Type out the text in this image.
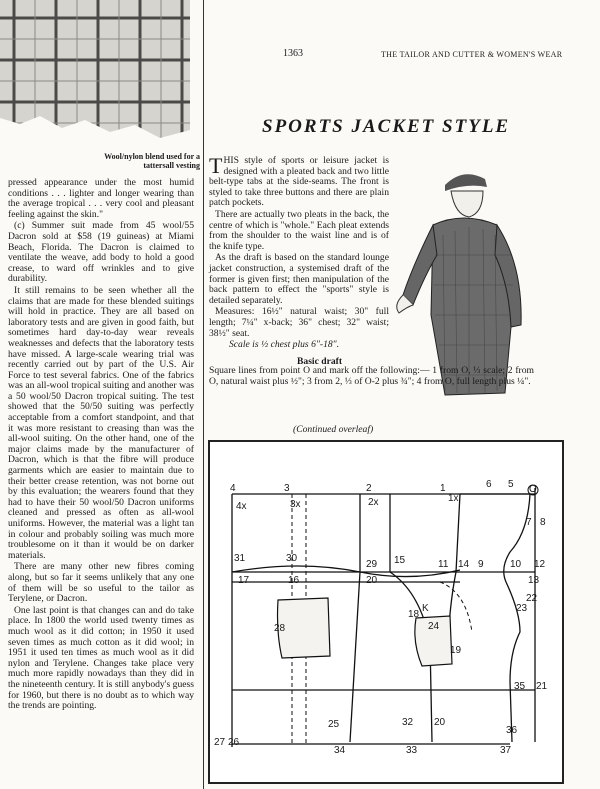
Wool/nylon blend used for a tattersall vesting
1363	THE TAILOR AND CUTTER & WOMEN'S WEAR

pressed appearance under the most humid conditions . . . lighter and longer wearing than the average tropical . . . very cool and pleasant feeling against the skin."

(c) Summer suit made from 45 wool/55 Dacron sold at $58 (19 guineas) at Miami Beach, Florida. The Dacron is claimed to ventilate the weave, add body to hold a good crease, to ward off wrinkles and to give durability.

It still remains to be seen whether all the claims that are made for these blended suitings will hold in practice. They are all based on laboratory tests and are given in good faith, but sometimes hard day-to-day wear reveals weaknesses and defects that the laboratory tests have missed. A large-scale wearing trial was recently carried out by part of the U.S. Air Force to test several fabrics. One of the fabrics was an all-wool tropical suiting and another was a 50 wool/50 Dacron tropical suiting. The test showed that the 50/50 suiting was perfectly acceptable from a comfort standpoint, and that it was more resistant to creasing than was the all-wool suiting. On the other hand, one of the major claims made by the manufacturer of Dacron, which is that the fibre will produce garments which are easier to maintain due to their better crease retention, was not borne out by this evaluation; the wearers found that they had to have their 50 wool/50 Dacron uniforms cleaned and pressed as often as all-wool uniforms. However, the material was a light tan in colour and probably soiling was much more troublesome on it than it would be on darker materials.

There are many other new fibres coming along, but so far it seems unlikely that any one of them will be so useful to the tailor as Terylene, or Dacron.

One last point is that changes can and do take place. In 1800 the world used twenty times as much wool as it did cotton; in 1950 it used seven times as much cotton as it did wool; in 1951 it used ten times as much wool as it did nylon and Terylene. Changes take place very much more rapidly nowadays than they did in the nineteenth century. It is still anybody's guess for 1960, but there is no doubt as to which way the trends are pointing.

SPORTS JACKET STYLE

THIS style of sports or leisure jacket is designed with a pleated back and two little belt-type tabs at the side-seams. The front is styled to take three buttons and there are plain patch pockets.

There are actually two pleats in the back, the centre of which is "whole." Each pleat extends from the shoulder to the waist line and is of the knife type.

As the draft is based on the standard lounge jacket construction, a systemised draft of the former is given first; then manipulation of the back pattern to effect the "sports" style is detailed separately.

Measures: 16½" natural waist; 30" full length; 7¼" x-back; 36" chest; 32" waist; 38½" seat.

Scale is ½ chest plus 6"-18".

Basic draft
Square lines from point O and mark off the following:— 1 from O, ⅓ scale; 2 from O, natural waist plus ½"; 3 from 2, ⅓ of O-2 plus ¾"; 4 from O, full length plus ¼".
(Continued overleaf)
4	3	2	1	6 5 O
4x	3x	2x	1x
7 8
31	30
29 15	11 14 9	10 12
17	16	20	13
22
23
18
K
24
28
19
35 21
27 26
25	32 20
36
34	33	37
